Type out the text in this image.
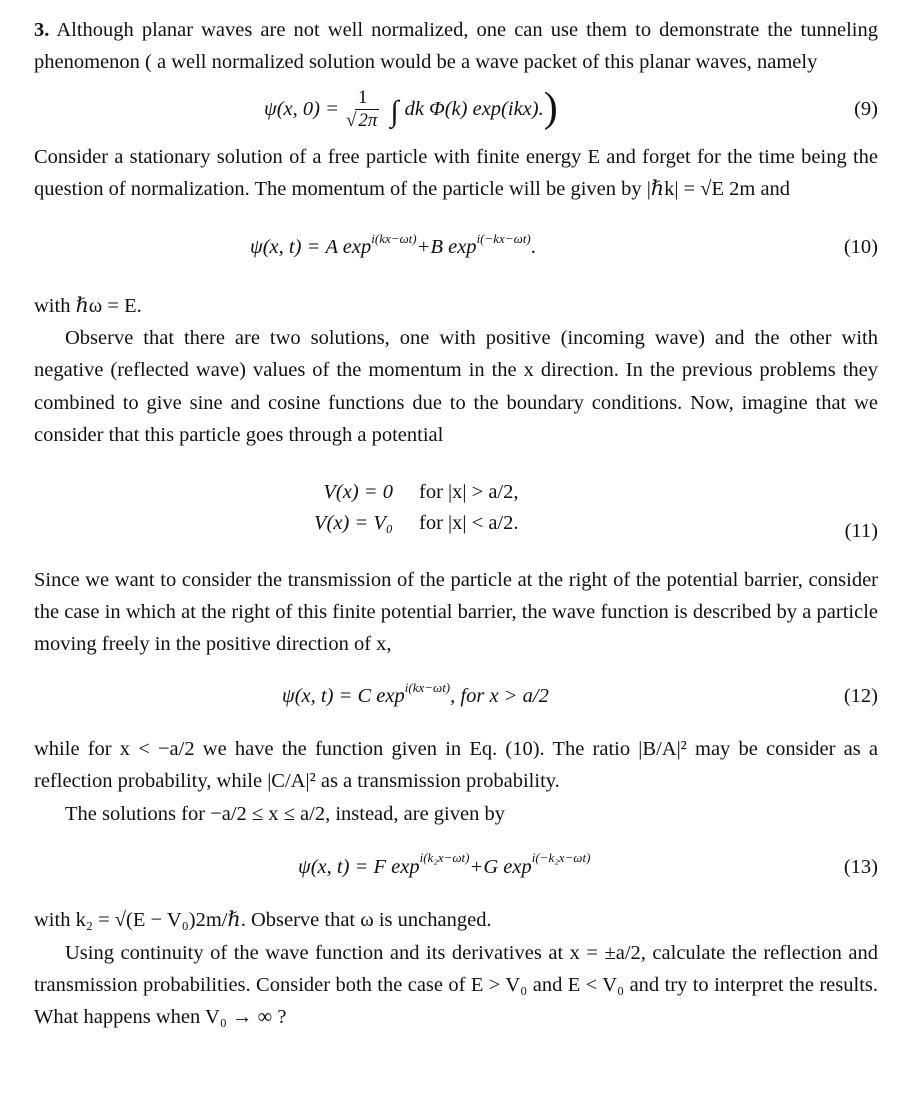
3. Although planar waves are not well normalized, one can use them to demonstrate the tunneling phenomenon ( a well normalized solution would be a wave packet of this planar waves, namely

ψ(x, $0) = \frac{1}{√ 2\pi}$ ∫ dk Φ(k) exp(ikx). )	(9)

Consider a stationary solution of a free particle with finite energy E and forget for the time being the question of normalization. The momentum of the particle will be given by |ℏk| = √E 2m and

ψ(x, t) = A $\exp^{i(kx-\omega t)} +B$ $\exp^{i(-kx-\omega t)}$ .	(10)

with ℏω = E.

Observe that there are two solutions, one with positive (incoming wave) and the other with negative (reflected wave) values of the momentum in the x direction. In the previous problems they combined to give sine and cosine functions due to the boundary conditions. Now, imagine that we consider that this particle goes through a potential

V(x) = 0 for |x| > a/2,
V(x) = V₀ for |x| < a/2.	(11)

Since we want to consider the transmission of the particle at the right of the potential barrier, consider the case in which at the right of this finite potential barrier, the wave function is described by a particle moving freely in the positive direction of x,

ψ(x, t) = C $\exp^{i(kx-\omega t)}$ , for x > a/2	(12)

while for x < −a/2 we have the function given in Eq. (10). The ratio |B/A|² may be consider as a reflection probability, while |C/A|² as a transmission probability.

The solutions for −a/2 ≤ x ≤ a/2, instead, are given by

ψ(x, t) = F $\exp^{i(k_2x-\omega t)} +G$ $\exp^{i(-k_2x-\omega t)}$	(13)

with k₂ = √(E − V₀)2m/ℏ. Observe that ω is unchanged.

Using continuity of the wave function and its derivatives at x = ±a/2, calculate the reflection and transmission probabilities. Consider both the case of E > V₀ and E < V₀ and try to interpret the results. What happens when V₀ → ∞ ?
